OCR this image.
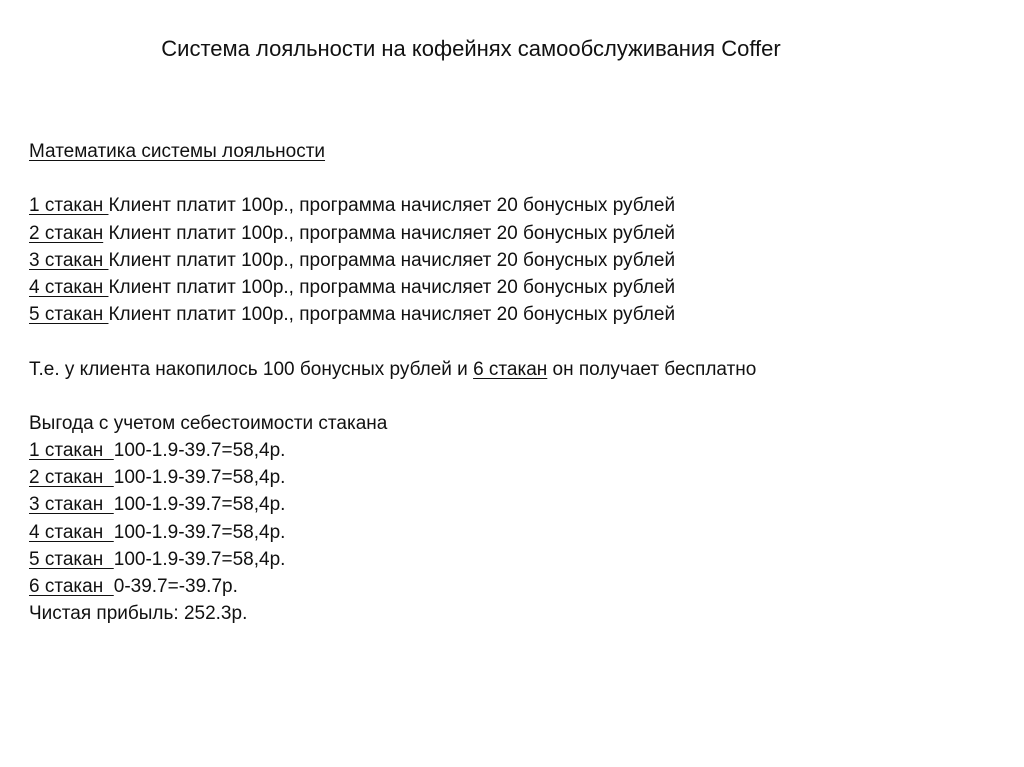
Система лояльности на кофейнях самообслуживания Coffer
Математика системы лояльности
1 стакан Клиент платит 100р., программа начисляет 20 бонусных рублей
2 стакан Клиент платит 100р., программа начисляет 20 бонусных рублей
3 стакан Клиент платит 100р., программа начисляет 20 бонусных рублей
4 стакан Клиент платит 100р., программа начисляет 20 бонусных рублей
5 стакан Клиент платит 100р., программа начисляет 20 бонусных рублей
Т.е. у клиента накопилось 100 бонусных рублей и 6 стакан он получает бесплатно
Выгода с учетом себестоимости стакана
1 стакан  100-1.9-39.7=58,4р.
2 стакан  100-1.9-39.7=58,4р.
3 стакан  100-1.9-39.7=58,4р.
4 стакан  100-1.9-39.7=58,4р.
5 стакан  100-1.9-39.7=58,4р.
6 стакан  0-39.7=-39.7р.
Чистая прибыль: 252.3р.
